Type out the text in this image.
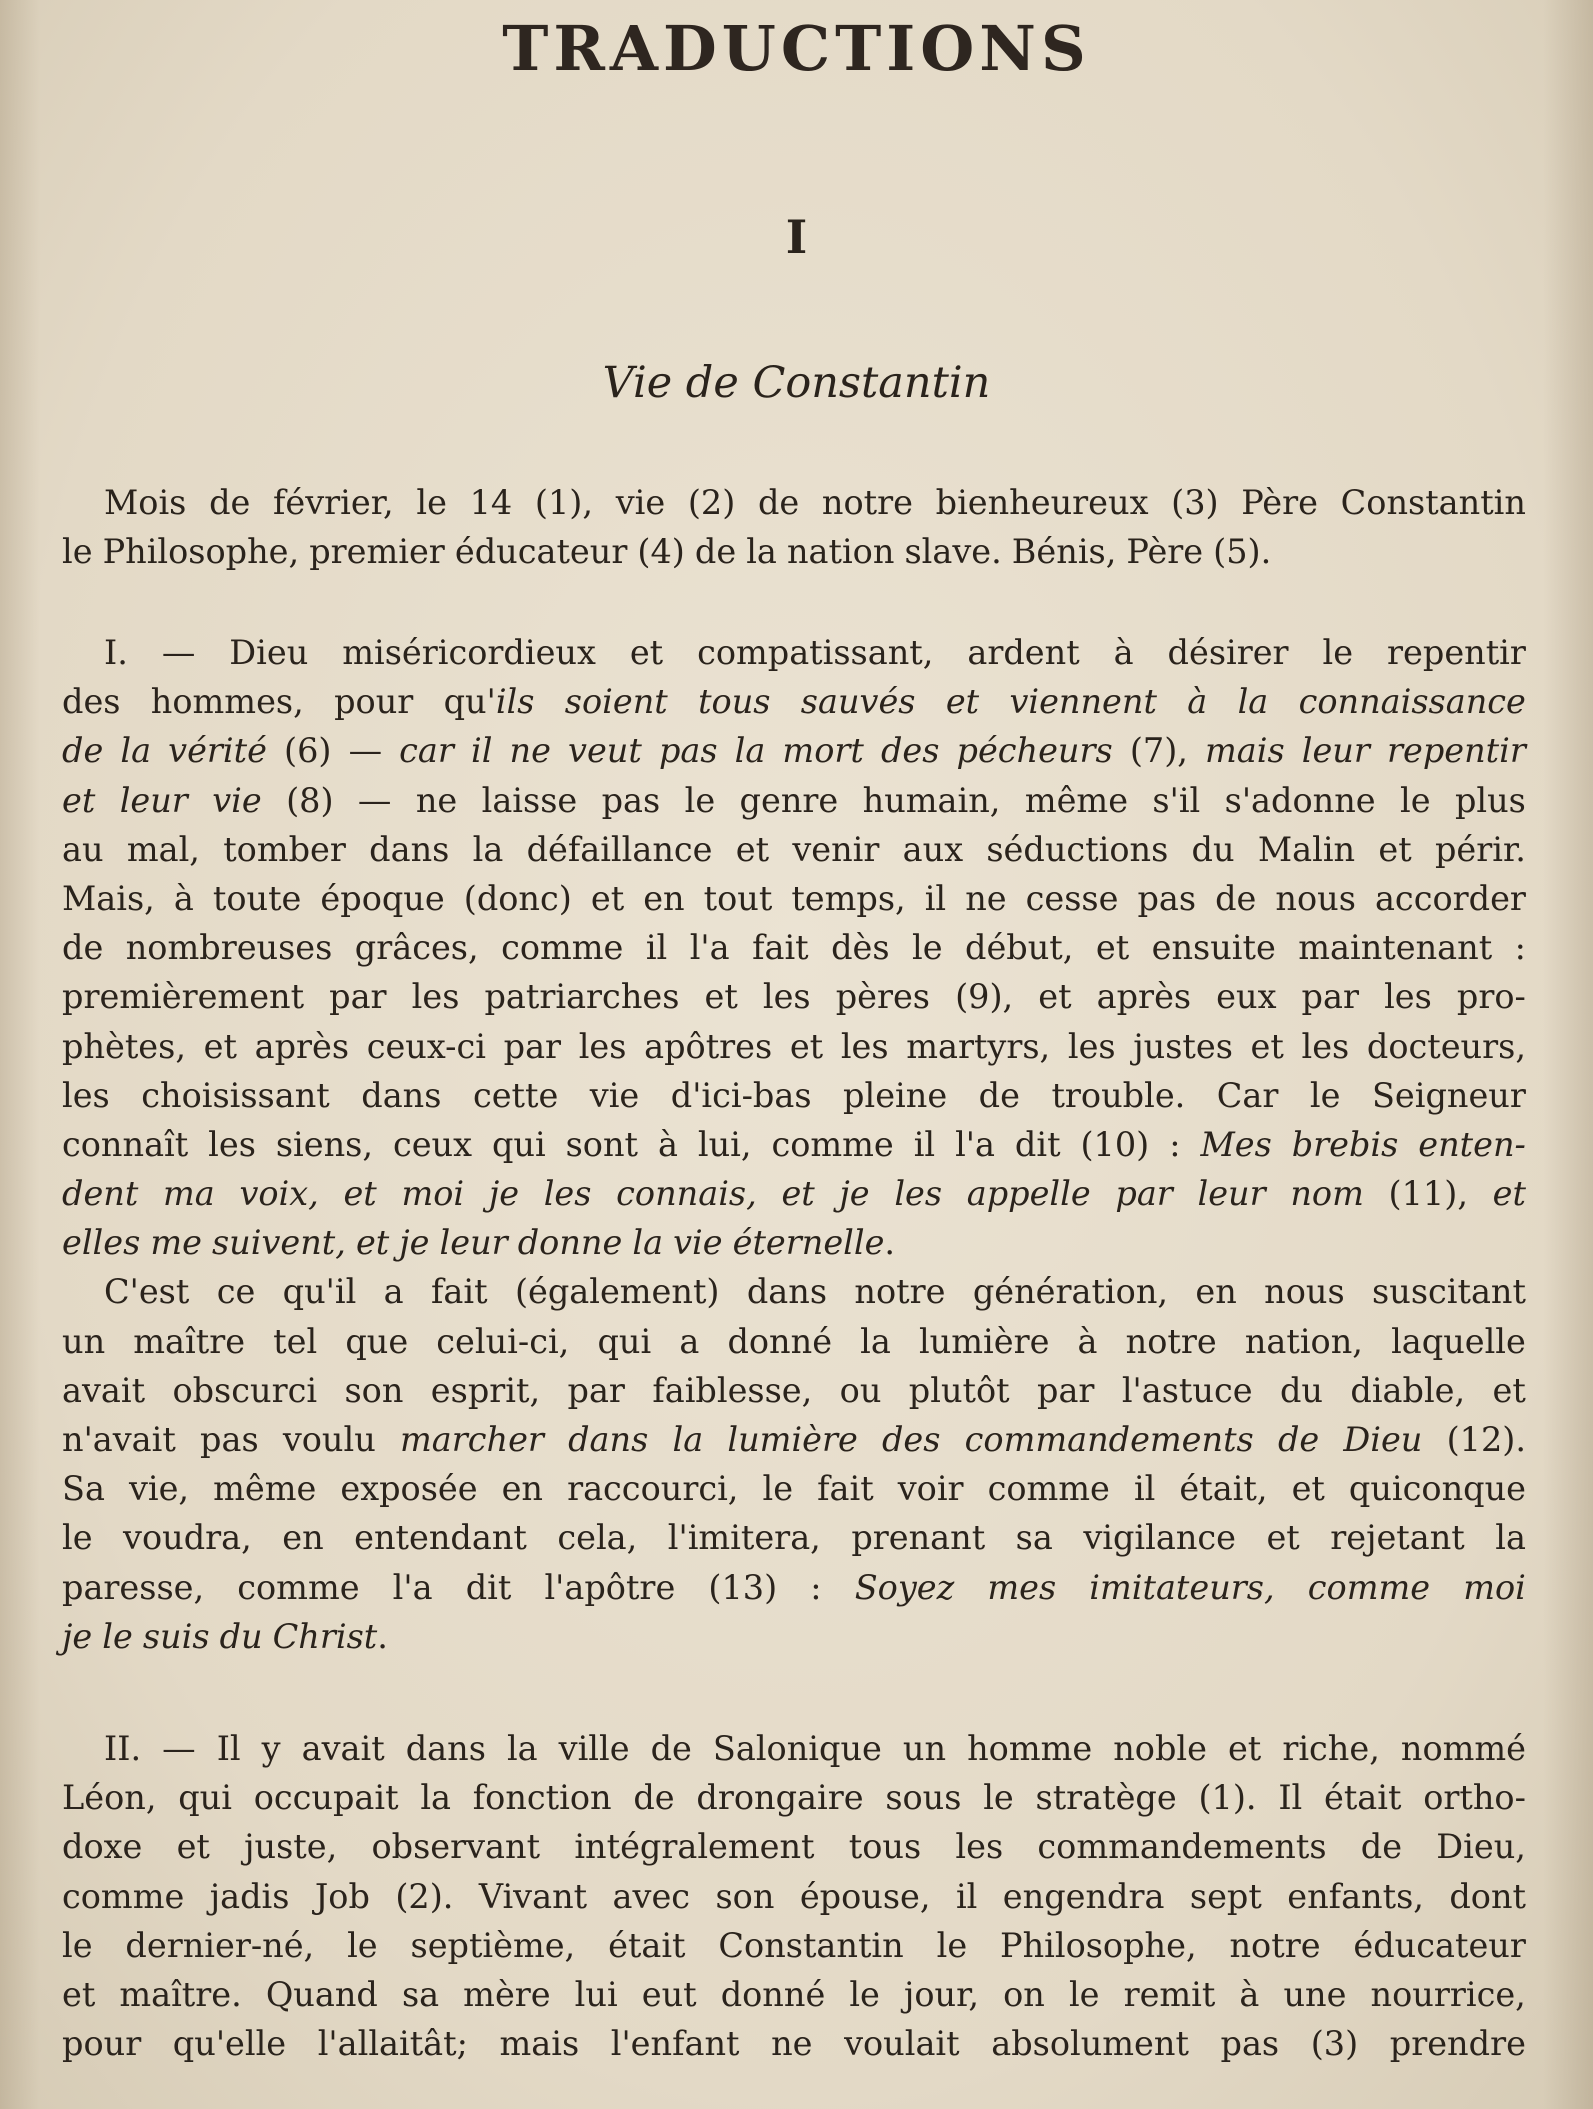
TRADUCTIONS
I
Vie de Constantin
Mois de février, le 14 (1), vie (2) de notre bienheureux (3) Père Constantin
le Philosophe, premier éducateur (4) de la nation slave. Bénis, Père (5).
I. — Dieu miséricordieux et compatissant, ardent à désirer le repentir
des hommes, pour qu'ils soient tous sauvés et viennent à la connaissance
de la vérité (6) — car il ne veut pas la mort des pécheurs (7), mais leur repentir
et leur vie (8) — ne laisse pas le genre humain, même s'il s'adonne le plus
au mal, tomber dans la défaillance et venir aux séductions du Malin et périr.
Mais, à toute époque (donc) et en tout temps, il ne cesse pas de nous accorder
de nombreuses grâces, comme il l'a fait dès le début, et ensuite maintenant :
premièrement par les patriarches et les pères (9), et après eux par les pro-
phètes, et après ceux-ci par les apôtres et les martyrs, les justes et les docteurs,
les choisissant dans cette vie d'ici-bas pleine de trouble. Car le Seigneur
connaît les siens, ceux qui sont à lui, comme il l'a dit (10) : Mes brebis enten-
dent ma voix, et moi je les connais, et je les appelle par leur nom (11), et
elles me suivent, et je leur donne la vie éternelle.
C'est ce qu'il a fait (également) dans notre génération, en nous suscitant
un maître tel que celui-ci, qui a donné la lumière à notre nation, laquelle
avait obscurci son esprit, par faiblesse, ou plutôt par l'astuce du diable, et
n'avait pas voulu marcher dans la lumière des commandements de Dieu (12).
Sa vie, même exposée en raccourci, le fait voir comme il était, et quiconque
le voudra, en entendant cela, l'imitera, prenant sa vigilance et rejetant la
paresse, comme l'a dit l'apôtre (13) : Soyez mes imitateurs, comme moi
je le suis du Christ.
II. — Il y avait dans la ville de Salonique un homme noble et riche, nommé
Léon, qui occupait la fonction de drongaire sous le stratège (1). Il était ortho-
doxe et juste, observant intégralement tous les commandements de Dieu,
comme jadis Job (2). Vivant avec son épouse, il engendra sept enfants, dont
le dernier-né, le septième, était Constantin le Philosophe, notre éducateur
et maître. Quand sa mère lui eut donné le jour, on le remit à une nourrice,
pour qu'elle l'allaitât; mais l'enfant ne voulait absolument pas (3) prendre
